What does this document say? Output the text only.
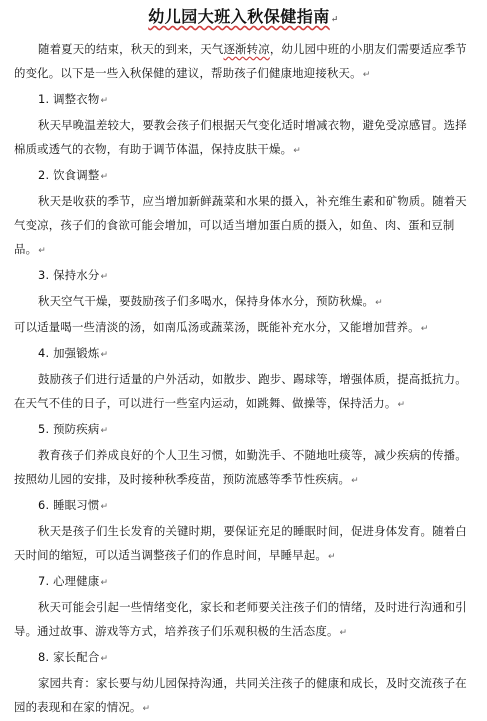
幼儿园大班入秋保健指南↵

随着夏天的结束，秋天的到来，天气逐渐转凉，幼儿园中班的小朋友们需要适应季节的变化。以下是一些入秋保健的建议，帮助孩子们健康地迎接秋天。↵

1. 调整衣物↵

秋天早晚温差较大，要教会孩子们根据天气变化适时增减衣物，避免受凉感冒。选择棉质或透气的衣物，有助于调节体温，保持皮肤干燥。↵

2. 饮食调整↵

秋天是收获的季节，应当增加新鲜蔬菜和水果的摄入，补充维生素和矿物质。随着天气变凉，孩子们的食欲可能会增加，可以适当增加蛋白质的摄入，如鱼、肉、蛋和豆制品。↵

3. 保持水分↵

秋天空气干燥，要鼓励孩子们多喝水，保持身体水分，预防秋燥。↵

可以适量喝一些清淡的汤，如南瓜汤或蔬菜汤，既能补充水分，又能增加营养。↵

4. 加强锻炼↵

鼓励孩子们进行适量的户外活动，如散步、跑步、踢球等，增强体质，提高抵抗力。在天气不佳的日子，可以进行一些室内运动，如跳舞、做操等，保持活力。↵

5. 预防疾病↵

教育孩子们养成良好的个人卫生习惯，如勤洗手、不随地吐痰等，减少疾病的传播。按照幼儿园的安排，及时接种秋季疫苗，预防流感等季节性疾病。↵

6. 睡眠习惯↵

秋天是孩子们生长发育的关键时期，要保证充足的睡眠时间，促进身体发育。随着白天时间的缩短，可以适当调整孩子们的作息时间，早睡早起。↵

7. 心理健康↵

秋天可能会引起一些情绪变化，家长和老师要关注孩子们的情绪，及时进行沟通和引导。通过故事、游戏等方式，培养孩子们乐观积极的生活态度。↵

8. 家长配合↵

家园共育：家长要与幼儿园保持沟通，共同关注孩子的健康和成长，及时交流孩子在园的表现和在家的情况。↵
